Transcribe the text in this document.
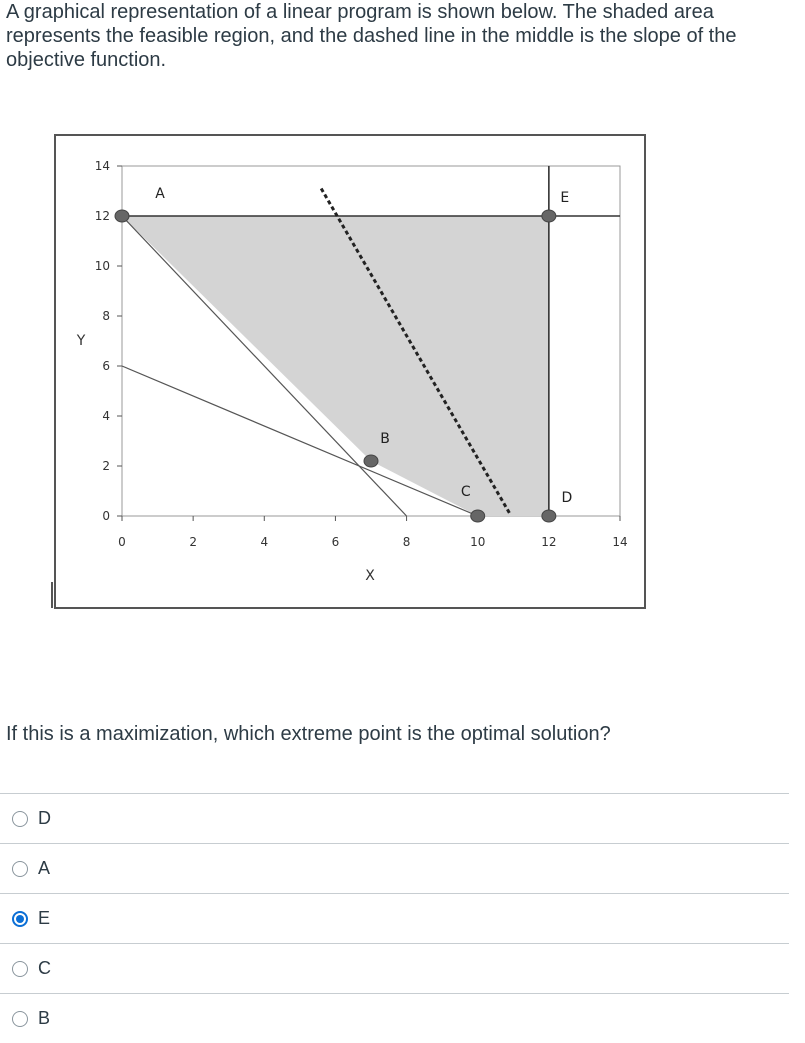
A graphical representation of a linear program is shown below. The shaded area represents the feasible region, and the dashed line in the middle is the slope of the objective function.

0	2	4	6	8	10	12	14
0
2
4
6
8
10
12
14
A
B
C	D
E
X
Y

If this is a maximization, which extreme point is the optimal solution?

D
A
E
C
B
